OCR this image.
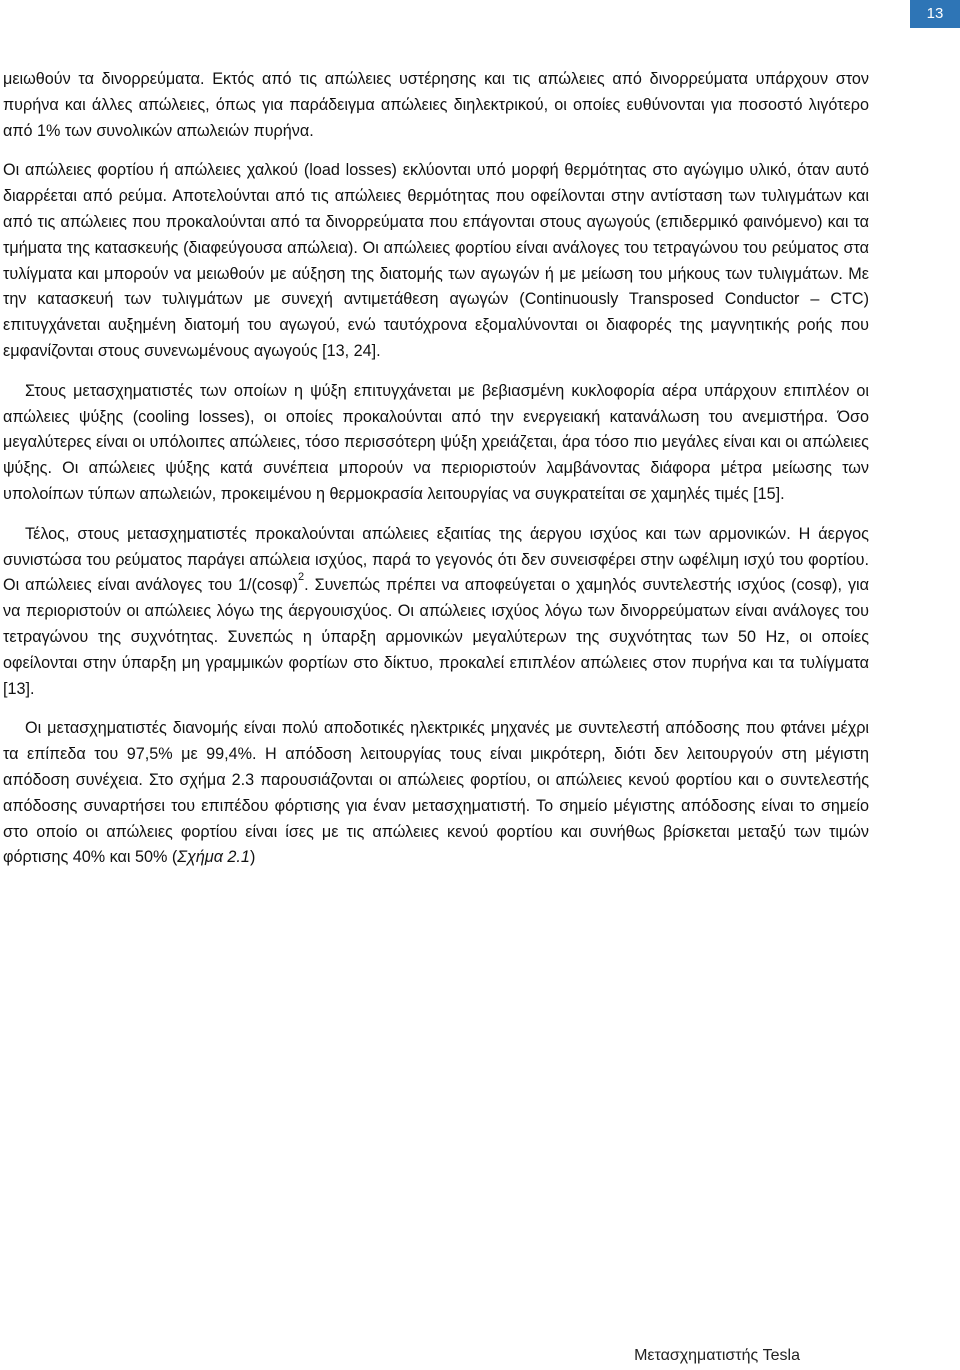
13

μειωθούν τα δινορρεύματα. Εκτός από τις απώλειες υστέρησης και τις απώλειες από δινορρεύματα υπάρχουν στον πυρήνα και άλλες απώλειες, όπως για παράδειγμα απώλειες διηλεκτρικού, οι οποίες ευθύνονται για ποσοστό λιγότερο από 1% των συνολικών απωλειών πυρήνα.

Οι απώλειες φορτίου ή απώλειες χαλκού (load losses) εκλύονται υπό μορφή θερμότητας στο αγώγιμο υλικό, όταν αυτό διαρρέεται από ρεύμα. Αποτελούνται από τις απώλειες θερμότητας που οφείλονται στην αντίσταση των τυλιγμάτων και από τις απώλειες που προκαλούνται από τα δινορρεύματα που επάγονται στους αγωγούς (επιδερμικό φαινόμενο) και τα τμήματα της κατασκευής (διαφεύγουσα απώλεια). Οι απώλειες φορτίου είναι ανάλογες του τετραγώνου του ρεύματος στα τυλίγματα και μπορούν να μειωθούν με αύξηση της διατομής των αγωγών ή με μείωση του μήκους των τυλιγμάτων. Με την κατασκευή των τυλιγμάτων με συνεχή αντιμετάθεση αγωγών (Continuously Transposed Conductor – CTC) επιτυγχάνεται αυξημένη διατομή του αγωγού, ενώ ταυτόχρονα εξομαλύνονται οι διαφορές της μαγνητικής ροής που εμφανίζονται στους συνενωμένους αγωγούς [13, 24].

Στους μετασχηματιστές των οποίων η ψύξη επιτυγχάνεται με βεβιασμένη κυκλοφορία αέρα υπάρχουν επιπλέον οι απώλειες ψύξης (cooling losses), οι οποίες προκαλούνται από την ενεργειακή κατανάλωση του ανεμιστήρα. Όσο μεγαλύτερες είναι οι υπόλοιπες απώλειες, τόσο περισσότερη ψύξη χρειάζεται, άρα τόσο πιο μεγάλες είναι και οι απώλειες ψύξης. Οι απώλειες ψύξης κατά συνέπεια μπορούν να περιοριστούν λαμβάνοντας διάφορα μέτρα μείωσης των υπολοίπων τύπων απωλειών, προκειμένου η θερμοκρασία λειτουργίας να συγκρατείται σε χαμηλές τιμές [15].

Τέλος, στους μετασχηματιστές προκαλούνται απώλειες εξαιτίας της άεργου ισχύος και των αρμονικών. Η άεργος συνιστώσα του ρεύματος παράγει απώλεια ισχύος, παρά το γεγονός ότι δεν συνεισφέρει στην ωφέλιμη ισχύ του φορτίου. Οι απώλειες είναι ανάλογες του $1/(\cos\varphi)^2$. Συνεπώς πρέπει να αποφεύγεται ο χαμηλός συντελεστής ισχύος (cosφ), για να περιοριστούν οι απώλειες λόγω της άεργουισχύος. Οι απώλειες ισχύος λόγω των δινορρεύματων είναι ανάλογες του τετραγώνου της συχνότητας. Συνεπώς η ύπαρξη αρμονικών μεγαλύτερων της συχνότητας των 50 Hz, οι οποίες οφείλονται στην ύπαρξη μη γραμμικών φορτίων στο δίκτυο, προκαλεί επιπλέον απώλειες στον πυρήνα και τα τυλίγματα [13].

Οι μετασχηματιστές διανομής είναι πολύ αποδοτικές ηλεκτρικές μηχανές με συντελεστή απόδοσης που φτάνει μέχρι τα επίπεδα του 97,5% με 99,4%. Η απόδοση λειτουργίας τους είναι μικρότερη, διότι δεν λειτουργούν στη μέγιστη απόδοση συνέχεια. Στο σχήμα 2.3 παρουσιάζονται οι απώλειες φορτίου, οι απώλειες κενού φορτίου και ο συντελεστής απόδοσης συναρτήσει του επιπέδου φόρτισης για έναν μετασχηματιστή. Το σημείο μέγιστης απόδοσης είναι το σημείο στο οποίο οι απώλειες φορτίου είναι ίσες με τις απώλειες κενού φορτίου και συνήθως βρίσκεται μεταξύ των τιμών φόρτισης 40% και 50% (Σχήμα 2.1)

Μετασχηματιστής Tesla
